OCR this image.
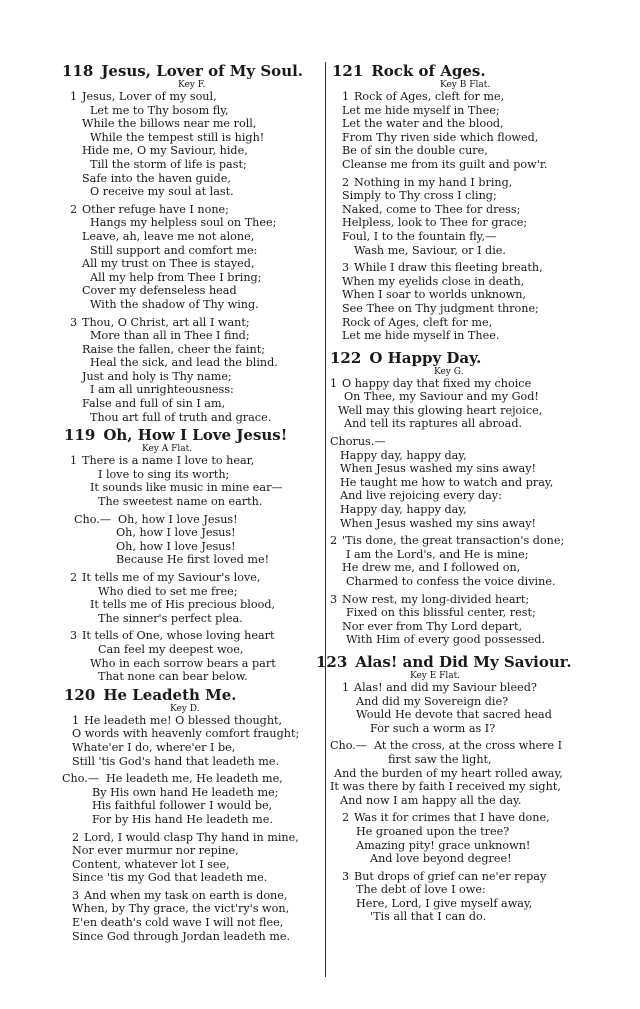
118 Jesus, Lover of My Soul.
Key F.
1 Jesus, Lover of my soul,
Let me to Thy bosom fly,
While the billows near me roll,
While the tempest still is high!
Hide me, O my Saviour, hide,
Till the storm of life is past;
Safe into the haven guide,
O receive my soul at last.
2 Other refuge have I none;
Hangs my helpless soul on Thee;
Leave, ah, leave me not alone,
Still support and comfort me:
All my trust on Thee is stayed,
All my help from Thee I bring;
Cover my defenseless head
With the shadow of Thy wing.
3 Thou, O Christ, art all I want;
More than all in Thee I find;
Raise the fallen, cheer the faint;
Heal the sick, and lead the blind.
Just and holy is Thy name;
I am all unrighteousness:
False and full of sin I am,
Thou art full of truth and grace.
119 Oh, How I Love Jesus!
Key A Flat.
1 There is a name I love to hear,
I love to sing its worth;
It sounds like music in mine ear—
The sweetest name on earth.
Cho.— Oh, how I love Jesus!
Oh, how I love Jesus!
Oh, how I love Jesus!
Because He first loved me!
2 It tells me of my Saviour's love,
Who died to set me free;
It tells me of His precious blood,
The sinner's perfect plea.
3 It tells of One, whose loving heart
Can feel my deepest woe,
Who in each sorrow bears a part
That none can bear below.
120 He Leadeth Me.
Key D.
1 He leadeth me! O blessed thought,
O words with heavenly comfort fraught;
Whate'er I do, where'er I be,
Still 'tis God's hand that leadeth me.
Cho.— He leadeth me, He leadeth me,
By His own hand He leadeth me;
His faithful follower I would be,
For by His hand He leadeth me.
2 Lord, I would clasp Thy hand in mine,
Nor ever murmur nor repine,
Content, whatever lot I see,
Since 'tis my God that leadeth me.
3 And when my task on earth is done,
When, by Thy grace, the vict'ry's won,
E'en death's cold wave I will not flee,
Since God through Jordan leadeth me.
121 Rock of Ages.
Key B Flat.
1 Rock of Ages, cleft for me,
Let me hide myself in Thee;
Let the water and the blood,
From Thy riven side which flowed,
Be of sin the double cure,
Cleanse me from its guilt and pow'r.
2 Nothing in my hand I bring,
Simply to Thy cross I cling;
Naked, come to Thee for dress;
Helpless, look to Thee for grace;
Foul, I to the fountain fly,—
Wash me, Saviour, or I die.
3 While I draw this fleeting breath,
When my eyelids close in death,
When I soar to worlds unknown,
See Thee on Thy judgment throne;
Rock of Ages, cleft for me,
Let me hide myself in Thee.
122 O Happy Day.
Key G.
1 O happy day that fixed my choice
On Thee, my Saviour and my God!
Well may this glowing heart rejoice,
And tell its raptures all abroad.
Chorus.—
Happy day, happy day,
When Jesus washed my sins away!
He taught me how to watch and pray,
And live rejoicing every day:
Happy day, happy day,
When Jesus washed my sins away!
2 'Tis done, the great transaction's done;
I am the Lord's, and He is mine;
He drew me, and I followed on,
Charmed to confess the voice divine.
3 Now rest, my long-divided heart;
Fixed on this blissful center, rest;
Nor ever from Thy Lord depart,
With Him of every good possessed.
123 Alas! and Did My Saviour.
Key E Flat.
1 Alas! and did my Saviour bleed?
And did my Sovereign die?
Would He devote that sacred head
For such a worm as I?
Cho.— At the cross, at the cross where I
first saw the light,
And the burden of my heart rolled away,
It was there by faith I received my sight,
And now I am happy all the day.
2 Was it for crimes that I have done,
He groaned upon the tree?
Amazing pity! grace unknown!
And love beyond degree!
3 But drops of grief can ne'er repay
The debt of love I owe:
Here, Lord, I give myself away,
'Tis all that I can do.
